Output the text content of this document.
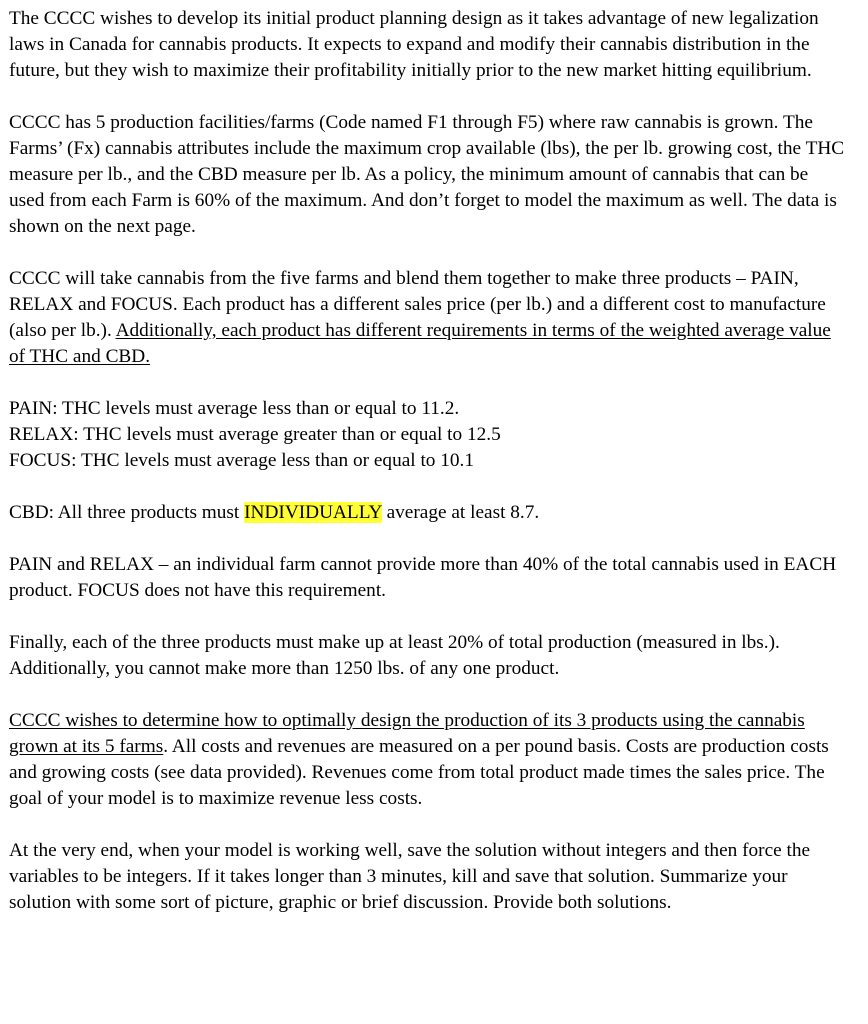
The CCCC wishes to develop its initial product planning design as it takes advantage of new legalization laws in Canada for cannabis products. It expects to expand and modify their cannabis distribution in the future, but they wish to maximize their profitability initially prior to the new market hitting equilibrium.

CCCC has 5 production facilities/farms (Code named F1 through F5) where raw cannabis is grown. The Farms’ (Fx) cannabis attributes include the maximum crop available (lbs), the per lb. growing cost, the THC measure per lb., and the CBD measure per lb. As a policy, the minimum amount of cannabis that can be used from each Farm is 60% of the maximum. And don’t forget to model the maximum as well. The data is shown on the next page.

CCCC will take cannabis from the five farms and blend them together to make three products – PAIN, RELAX and FOCUS. Each product has a different sales price (per lb.) and a different cost to manufacture (also per lb.). Additionally, each product has different requirements in terms of the weighted average value of THC and CBD.

PAIN: THC levels must average less than or equal to 11.2.
RELAX: THC levels must average greater than or equal to 12.5
FOCUS: THC levels must average less than or equal to 10.1

CBD: All three products must INDIVIDUALLY average at least 8.7.

PAIN and RELAX – an individual farm cannot provide more than 40% of the total cannabis used in EACH product. FOCUS does not have this requirement.

Finally, each of the three products must make up at least 20% of total production (measured in lbs.). Additionally, you cannot make more than 1250 lbs. of any one product.

CCCC wishes to determine how to optimally design the production of its 3 products using the cannabis grown at its 5 farms. All costs and revenues are measured on a per pound basis. Costs are production costs and growing costs (see data provided). Revenues come from total product made times the sales price. The goal of your model is to maximize revenue less costs.

At the very end, when your model is working well, save the solution without integers and then force the variables to be integers. If it takes longer than 3 minutes, kill and save that solution. Summarize your solution with some sort of picture, graphic or brief discussion. Provide both solutions.
